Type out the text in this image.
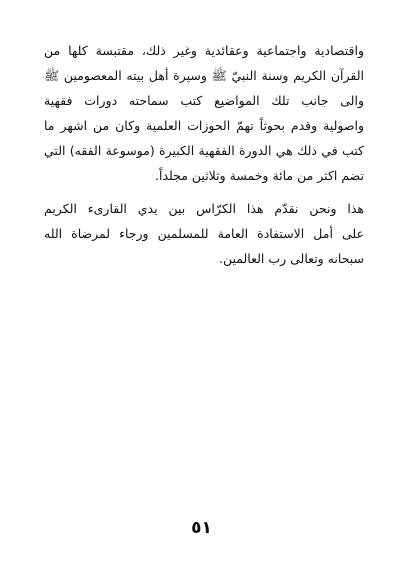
واقتصادية واجتماعية وعقائدية وغير ذلك، مقتبسة كلها من
القرآن الكريم وسنة النبيّ ﷺ وسيرة أهل بيته المعصومين ﷺ
والى جانب تلك المواضيع كتب سماحته دورات فقهية
واصولية وقدم بحوثاً تهمّ الحوزات العلمية وكان من اشهر ما
كتب في ذلك هي الدورة الفقهية الكبيرة (موسوعة الفقه) التي
تضم اكثر من مائة وخمسة وثلاثين مجلداً.
هذا ونحن نقدّم هذا الكرّاس بين يدي القارىء الكريم
على أمل الاستفادة العامة للمسلمين ورجاء لمرضاة الله
سبحانه وتعالى رب العالمين.
٥١
